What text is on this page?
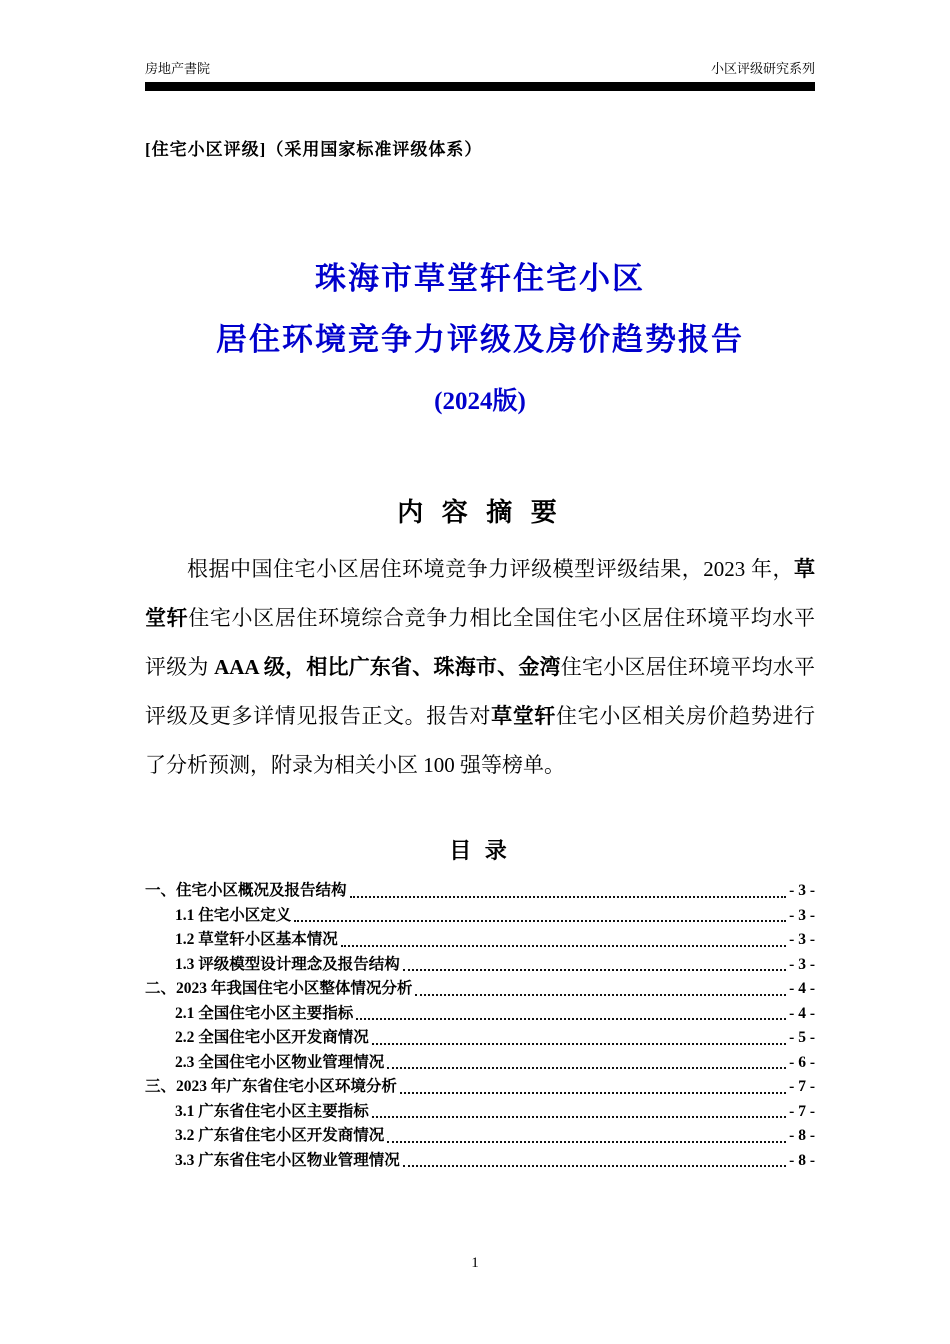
房地产書院	小区评级研究系列
[住宅小区评级]（采用国家标准评级体系）
珠海市草堂轩住宅小区
居住环境竞争力评级及房价趋势报告
(2024版)
内 容 摘 要

根据中国住宅小区居住环境竞争力评级模型评级结果，2023 年，草堂轩住宅小区居住环境综合竞争力相比全国住宅小区居住环境平均水平评级为 AAA 级，相比广东省、珠海市、金湾住宅小区居住环境平均水平评级及更多详情见报告正文。报告对草堂轩住宅小区相关房价趋势进行了分析预测，附录为相关小区 100 强等榜单。

目 录
一、住宅小区概况及报告结构	- 3 -
1.1 住宅小区定义	- 3 -
1.2 草堂轩小区基本情况	- 3 -
1.3 评级模型设计理念及报告结构	- 3 -
二、2023 年我国住宅小区整体情况分析	- 4 -
2.1 全国住宅小区主要指标	- 4 -
2.2 全国住宅小区开发商情况	- 5 -
2.3 全国住宅小区物业管理情况	- 6 -
三、2023 年广东省住宅小区环境分析	- 7 -
3.1 广东省住宅小区主要指标	- 7 -
3.2 广东省住宅小区开发商情况	- 8 -
3.3 广东省住宅小区物业管理情况	- 8 -
1
